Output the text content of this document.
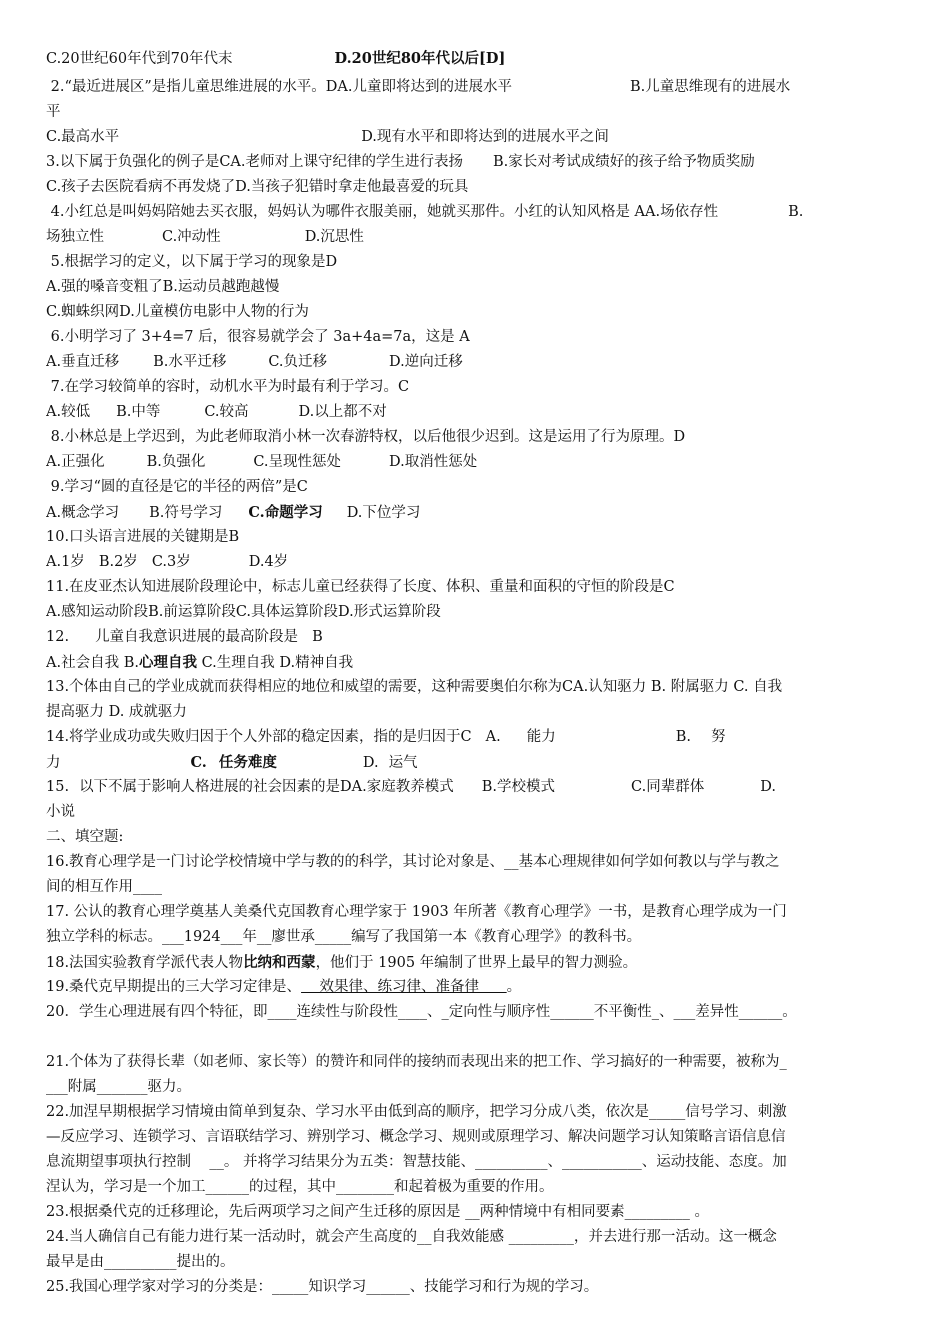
C.20世纪60年代到70年代末	D.20世纪80年代以后[D]
2.“最近进展区”是指儿童思维进展的水平。DA.儿童即将达到的进展水平	B.儿童思维现有的进展水
平
C.最高水平	D.现有水平和即将达到的进展水平之间
3.以下属于负强化的例子是CA.老师对上课守纪律的学生进行表扬 B.家长对考试成绩好的孩子给予物质奖励
C.孩子去医院看病不再发烧了D.当孩子犯错时拿走他最喜爱的玩具
4.小红总是叫妈妈陪她去买衣服，妈妈认为哪件衣服美丽，她就买那件。小红的认知风格是 AA.场依存性	B.
场独立性	C.冲动性	D.沉思性
5.根据学习的定义，以下属于学习的现象是D
A.强的嗓音变粗了B.运动员越跑越慢
C.蜘蛛织网D.儿童模仿电影中人物的行为
6.小明学习了 3+4=7 后，很容易就学会了 3a+4a=7a，这是 A
A.垂直迁移 B.水平迁移	C.负迁移	D.逆向迁移
7.在学习较简单的容时，动机水平为时最有利于学习。C
A.较低 B.中等	C.较高	D.以上都不对
8.小林总是上学迟到，为此老师取消小林一次春游特权，以后他很少迟到。这是运用了行为原理。D
A.正强化	B.负强化	C.呈现性惩处	D.取消性惩处
9.学习“圆的直径是它的半径的两倍”是C
A.概念学习 B.符号学习 C.命题学习 D.下位学习
10.口头语言进展的关键期是B
A.1岁 B.2岁 C.3岁	D.4岁
11.在皮亚杰认知进展阶段理论中，标志儿童已经获得了长度、体积、重量和面积的守恒的阶段是C
A.感知运动阶段B.前运算阶段C.具体运算阶段D.形式运算阶段
12. 儿童自我意识进展的最高阶段是 B
A.社会自我 B.心理自我 C.生理自我 D.精神自我
13.个体由自己的学业成就而获得相应的地位和威望的需要，这种需要奥伯尔称为CA.认知驱力 B. 附属驱力 C. 自我
提高驱力 D. 成就驱力
14.将学业成功或失败归因于个人外部的稳定因素，指的是归因于C A. 能力	B. 努
力	C. 任务难度	D. 运气
15. 以下不属于影响人格进展的社会因素的是DA.家庭教养模式 B.学校模式	C.同辈群体	D.
小说
二、填空题:
16.教育心理学是一门讨论学校情境中学与教的的科学，其讨论对象是、__基本心理规律如何学如何教以与学与教之
间的相互作用____
17. 公认的教育心理学奠基人美桑代克国教育心理学家于 1903 年所著《教育心理学》一书，是教育心理学成为一门
独立学科的标志。___1924___年__廖世承_____编写了我国第一本《教育心理学》的教科书。
18.法国实验教育学派代表人物比纳和西蒙，他们于 1905 年编制了世界上最早的智力测验。
19.桑代克早期提出的三大学习定律是、    效果律、练习律、准备律      。
20．学生心理进展有四个特征，即____连续性与阶段性____、_定向性与顺序性______不平衡性_、___差异性______。
21.个体为了获得长辈（如老师、家长等）的赞许和同伴的接纳而表现出来的把工作、学习搞好的一种需要，被称为_
___附属_______驱力。
22.加涅早期根据学习情境由简单到复杂、学习水平由低到高的顺序，把学习分成八类，依次是_____信号学习、刺激
—反应学习、连锁学习、言语联结学习、辨别学习、概念学习、规则或原理学习、解决问题学习认知策略言语信息信
息流期望事项执行控制    __。 并将学习结果分为五类：智慧技能、__________、___________、运动技能、态度。加
涅认为，学习是一个加工______的过程，其中________和起着极为重要的作用。
23.根据桑代克的迁移理论，先后两项学习之间产生迁移的原因是 __两种情境中有相同要素_________ 。
24.当人确信自己有能力进行某一活动时，就会产生高度的__自我效能感 _________，并去进行那一活动。这一概念
最早是由__________提出的。
25.我国心理学家对学习的分类是：_____知识学习______、技能学习和行为规的学习。
